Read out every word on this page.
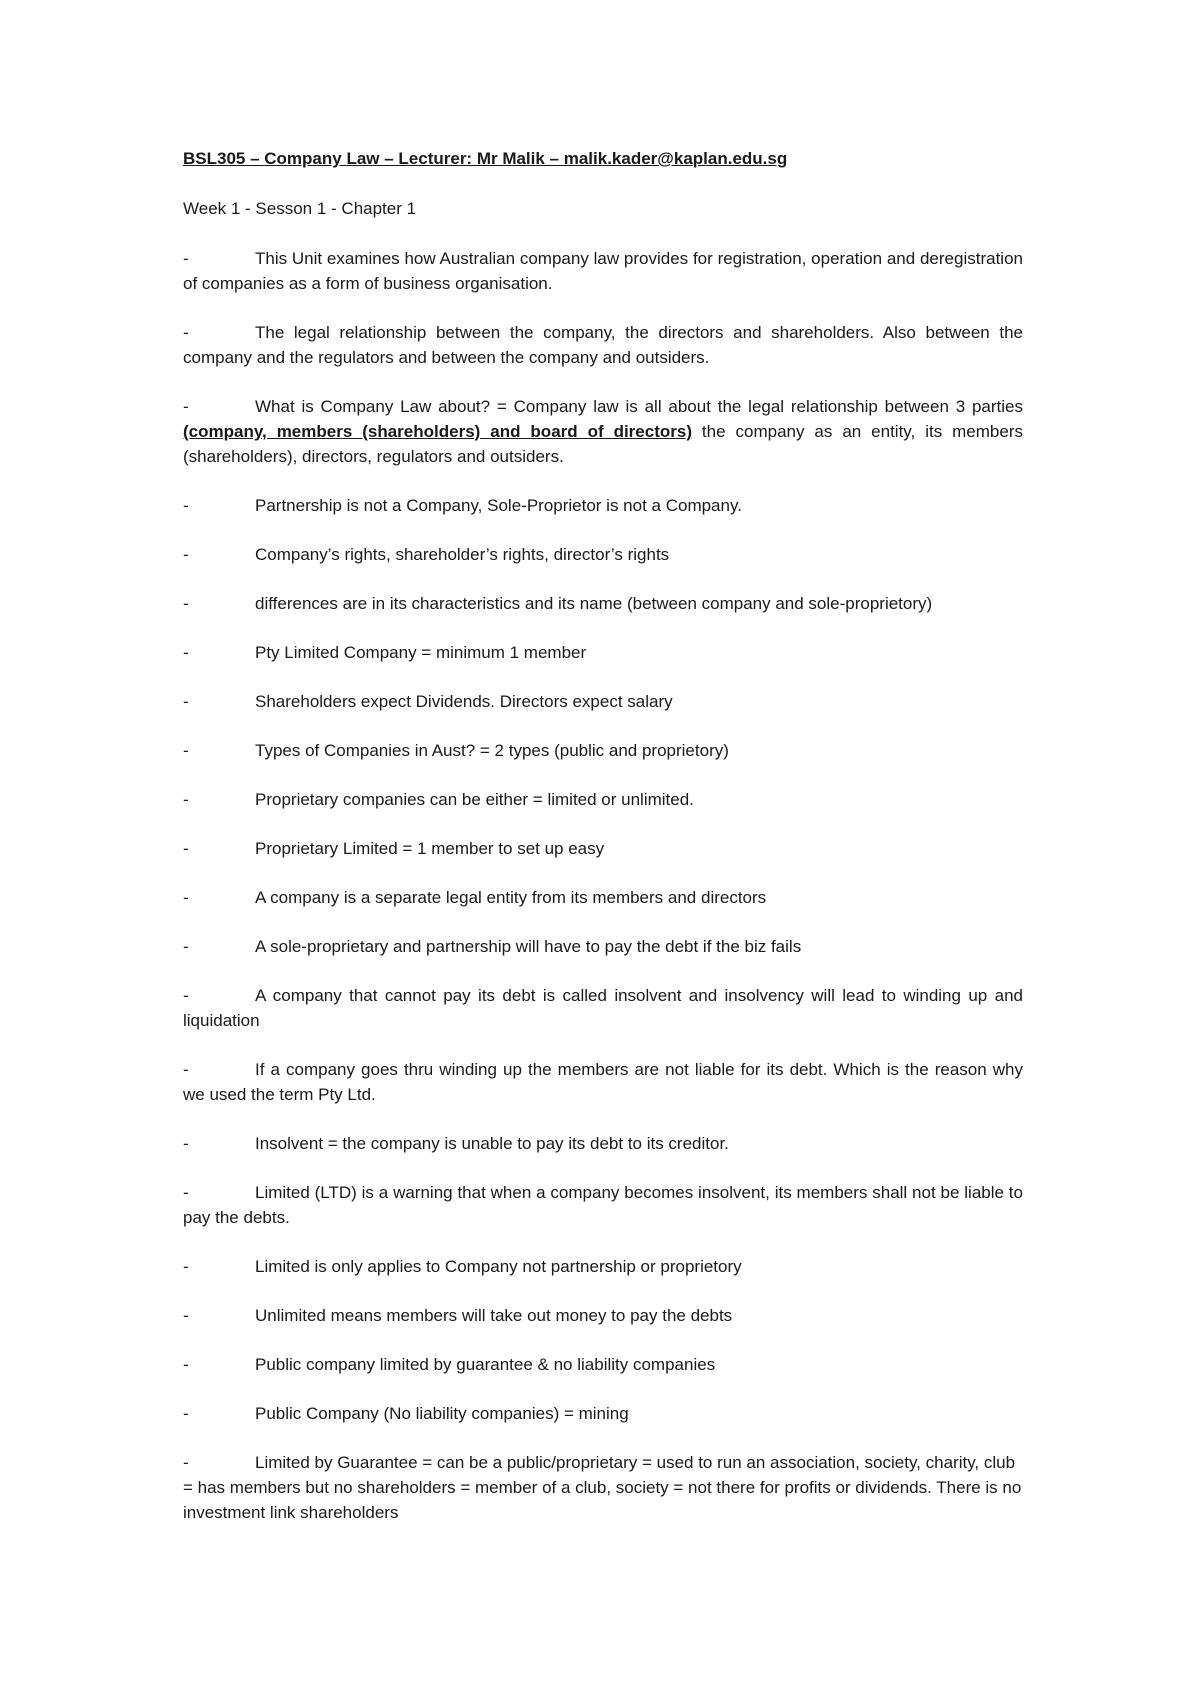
BSL305 – Company Law – Lecturer: Mr Malik – malik.kader@kaplan.edu.sg
Week 1 - Sesson 1 - Chapter 1
-	This Unit examines how Australian company law provides for registration, operation and deregistration of companies as a form of business organisation.
-	The legal relationship between the company, the directors and shareholders. Also between the company and the regulators and between the company and outsiders.
-	What is Company Law about? = Company law is all about the legal relationship between 3 parties (company, members (shareholders) and board of directors) the company as an entity, its members (shareholders), directors, regulators and outsiders.
-	Partnership is not a Company, Sole-Proprietor is not a Company.
-	Company’s rights, shareholder’s rights, director’s rights
-	differences are in its characteristics and its name (between company and sole-proprietory)
-	Pty Limited Company = minimum 1 member
-	Shareholders expect Dividends. Directors expect salary
-	Types of Companies in Aust? = 2 types (public and proprietory)
-	Proprietary companies can be either = limited or unlimited.
-	Proprietary Limited = 1 member to set up easy
-	A company is a separate legal entity from its members and directors
-	A sole-proprietary and partnership will have to pay the debt if the biz fails
-	A company that cannot pay its debt is called insolvent and insolvency will lead to winding up and liquidation
-	If a company goes thru winding up the members are not liable for its debt. Which is the reason why we used the term Pty Ltd.
-	Insolvent = the company is unable to pay its debt to its creditor.
-	Limited (LTD) is a warning that when a company becomes insolvent, its members shall not be liable to pay the debts.
-	Limited is only applies to Company not partnership or proprietory
-	Unlimited means members will take out money to pay the debts
-	Public company limited by guarantee & no liability companies
-	Public Company (No liability companies) = mining
-	Limited by Guarantee = can be a public/proprietary = used to run an association, society, charity, club = has members but no shareholders = member of a club, society = not there for profits or dividends. There is no investment link shareholders
